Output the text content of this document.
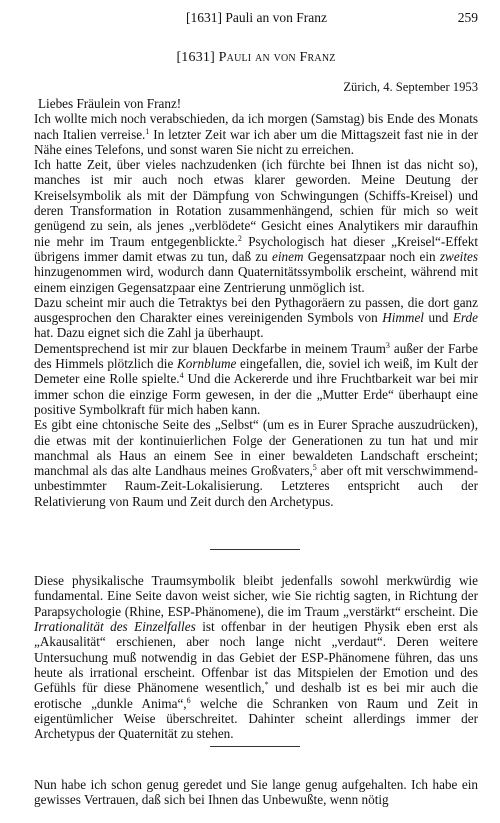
[1631] Pauli an von Franz	259
[1631] Pauli an von Franz
Zürich, 4. September 1953

Liebes Fräulein von Franz!

Ich wollte mich noch verabschieden, da ich morgen (Samstag) bis Ende des Monats nach Italien verreise.$^1$ In letzter Zeit war ich aber um die Mittagszeit fast nie in der Nähe eines Telefons, und sonst waren Sie nicht zu erreichen.

Ich hatte Zeit, über vieles nachzudenken (ich fürchte bei Ihnen ist das nicht so), manches ist mir auch noch etwas klarer geworden. Meine Deutung der Kreiselsymbolik als mit der Dämpfung von Schwingungen (Schiffs-Kreisel) und deren Transformation in Rotation zusammenhängend, schien für mich so weit genügend zu sein, als jenes „verblödete“ Gesicht eines Analytikers mir daraufhin nie mehr im Traum entgegenblickte.$^2$ Psychologisch hat dieser „Kreisel“-Effekt übrigens immer damit etwas zu tun, daß zu einem Gegensatzpaar noch ein zweites hinzugenommen wird, wodurch dann Quaternitätssymbolik erscheint, während mit einem einzigen Gegensatzpaar eine Zentrierung unmöglich ist.

Dazu scheint mir auch die Tetraktys bei den Pythagoräern zu passen, die dort ganz ausgesprochen den Charakter eines vereinigenden Symbols von Himmel und Erde hat. Dazu eignet sich die Zahl ja überhaupt.

Dementsprechend ist mir zur blauen Deckfarbe in meinem Traum$^3$ außer der Farbe des Himmels plötzlich die Kornblume eingefallen, die, soviel ich weiß, im Kult der Demeter eine Rolle spielte.$^4$ Und die Ackererde und ihre Fruchtbarkeit war bei mir immer schon die einzige Form gewesen, in der die „Mutter Erde“ überhaupt eine positive Symbolkraft für mich haben kann.

Es gibt eine chtonische Seite des „Selbst“ (um es in Eurer Sprache auszudrücken), die etwas mit der kontinuierlichen Folge der Generationen zu tun hat und mir manchmal als Haus an einem See in einer bewaldeten Landschaft erscheint; manchmal als das alte Landhaus meines Großvaters,$^5$ aber oft mit verschwimmend-unbestimmter Raum-Zeit-Lokalisierung. Letzteres entspricht auch der Relativierung von Raum und Zeit durch den Archetypus.

Diese physikalische Traumsymbolik bleibt jedenfalls sowohl merkwürdig wie fundamental. Eine Seite davon weist sicher, wie Sie richtig sagten, in Richtung der Parapsychologie (Rhine, ESP-Phänomene), die im Traum „verstärkt“ erscheint. Die Irrationalität des Einzelfalles ist offenbar in der heutigen Physik eben erst als „Akausalität“ erschienen, aber noch lange nicht „verdaut“. Deren weitere Untersuchung muß notwendig in das Gebiet der ESP-Phänomene führen, das uns heute als irrational erscheint. Offenbar ist das Mitspielen der Emotion und des Gefühls für diese Phänomene wesentlich,* und deshalb ist es bei mir auch die erotische „dunkle Anima“,$^6$ welche die Schranken von Raum und Zeit in eigentümlicher Weise überschreitet. Dahinter scheint allerdings immer der Archetypus der Quaternität zu stehen.

Nun habe ich schon genug geredet und Sie lange genug aufgehalten. Ich habe ein gewisses Vertrauen, daß sich bei Ihnen das Unbewußte, wenn nötig
